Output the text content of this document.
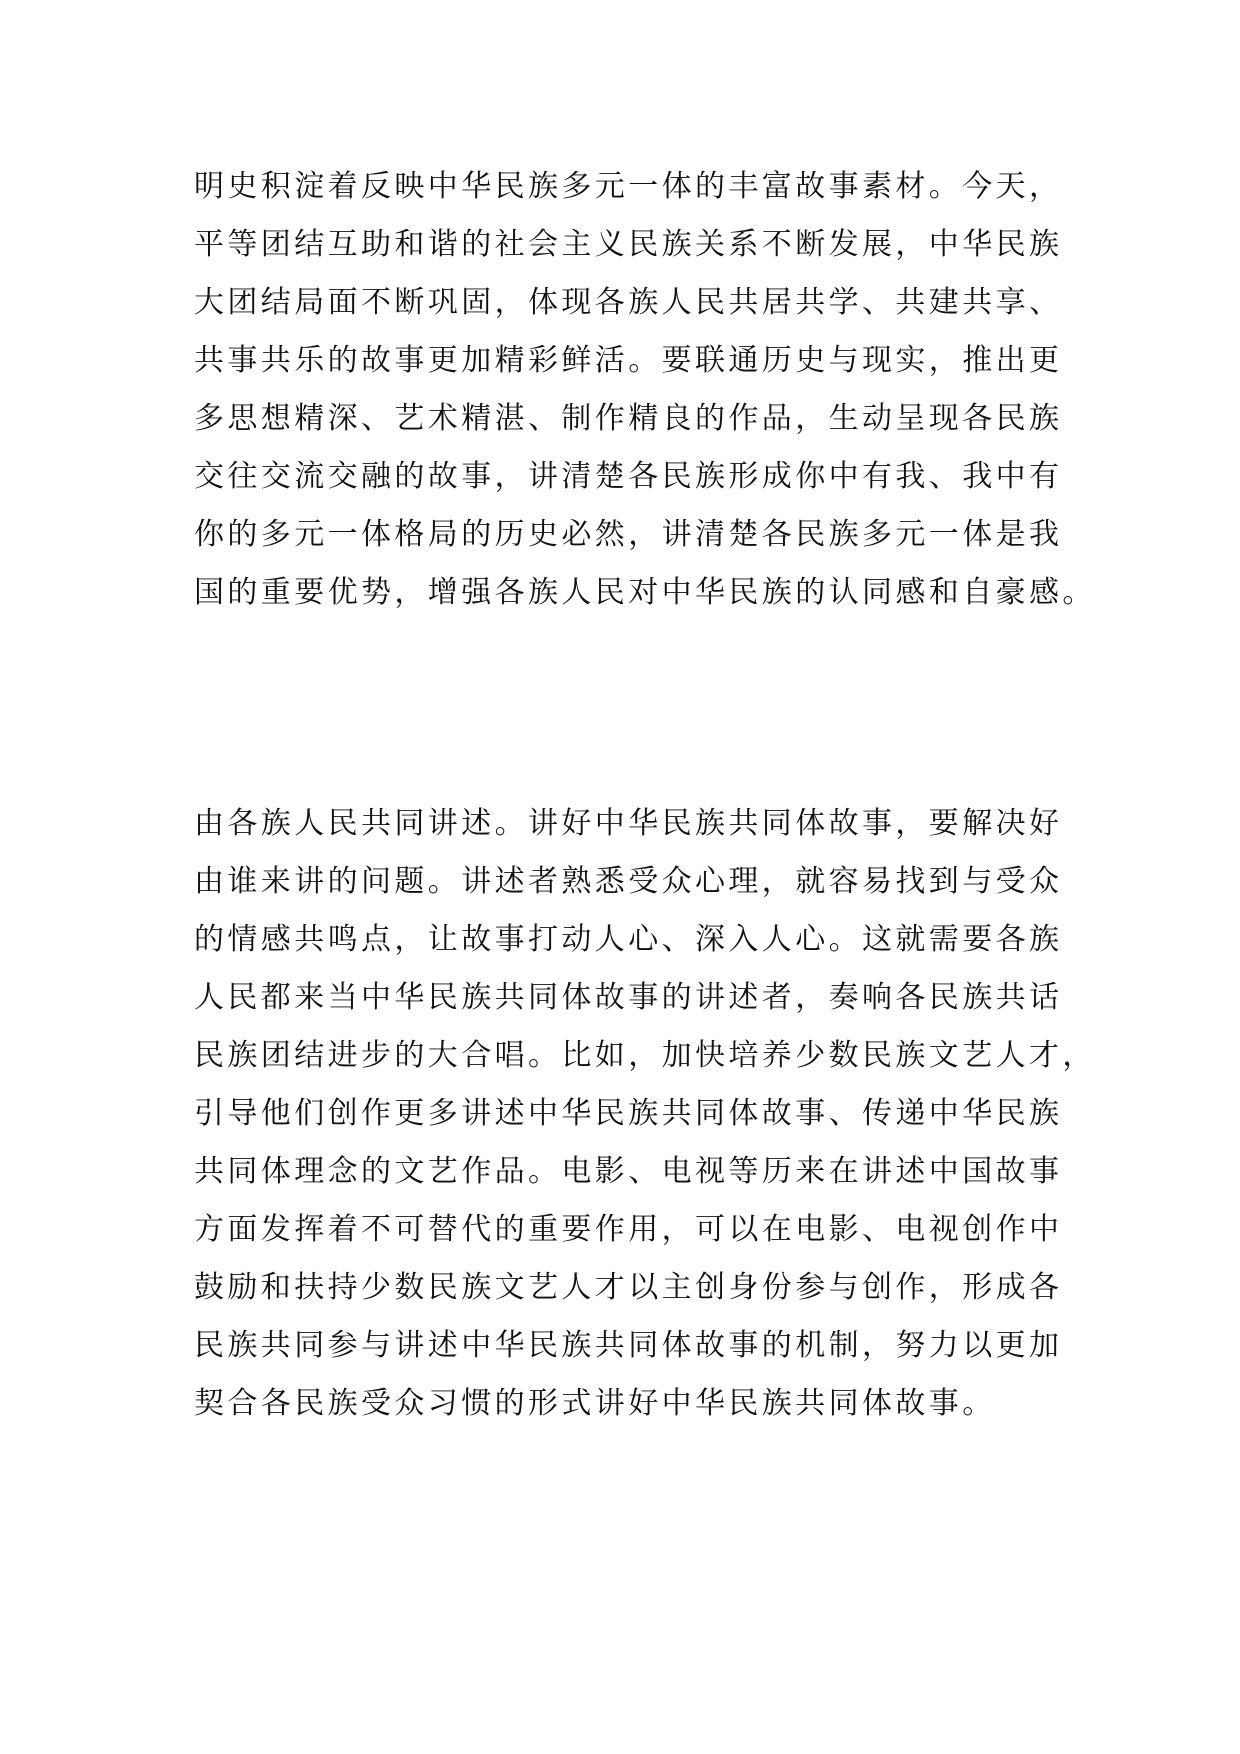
明史积淀着反映中华民族多元一体的丰富故事素材。今天，
平等团结互助和谐的社会主义民族关系不断发展，中华民族
大团结局面不断巩固，体现各族人民共居共学、共建共享、
共事共乐的故事更加精彩鲜活。要联通历史与现实，推出更
多思想精深、艺术精湛、制作精良的作品，生动呈现各民族
交往交流交融的故事，讲清楚各民族形成你中有我、我中有
你的多元一体格局的历史必然，讲清楚各民族多元一体是我
国的重要优势，增强各族人民对中华民族的认同感和自豪感。
由各族人民共同讲述。讲好中华民族共同体故事，要解决好
由谁来讲的问题。讲述者熟悉受众心理，就容易找到与受众
的情感共鸣点，让故事打动人心、深入人心。这就需要各族
人民都来当中华民族共同体故事的讲述者，奏响各民族共话
民族团结进步的大合唱。比如，加快培养少数民族文艺人才，
引导他们创作更多讲述中华民族共同体故事、传递中华民族
共同体理念的文艺作品。电影、电视等历来在讲述中国故事
方面发挥着不可替代的重要作用，可以在电影、电视创作中
鼓励和扶持少数民族文艺人才以主创身份参与创作，形成各
民族共同参与讲述中华民族共同体故事的机制，努力以更加
契合各民族受众习惯的形式讲好中华民族共同体故事。
